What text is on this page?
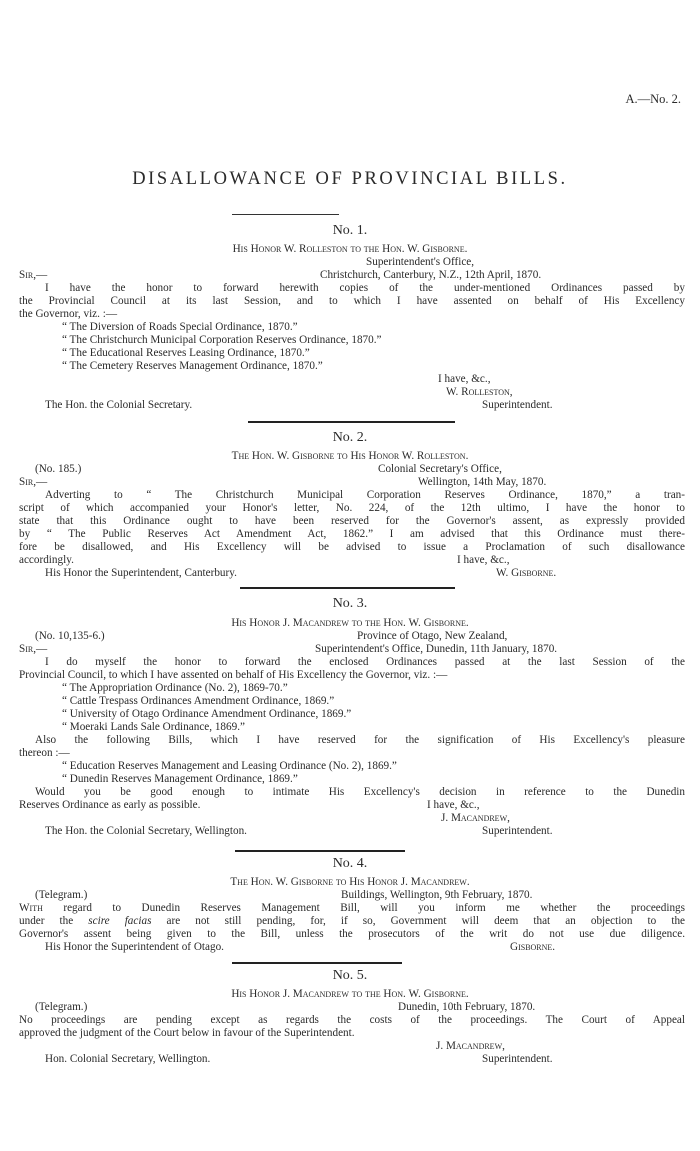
A.—No. 2.
DISALLOWANCE OF PROVINCIAL BILLS.
No. 1.
His Honor W. Rolleston to the Hon. W. Gisborne.
Superintendent's Office,
Sir,—	Christchurch, Canterbury, N.Z., 12th April, 1870.
I have the honor to forward herewith copies of the under-mentioned Ordinances passed by
the Provincial Council at its last Session, and to which I have assented on behalf of His Excellency
the Governor, viz. :—
“ The Diversion of Roads Special Ordinance, 1870.”
“ The Christchurch Municipal Corporation Reserves Ordinance, 1870.”
“ The Educational Reserves Leasing Ordinance, 1870.”
“ The Cemetery Reserves Management Ordinance, 1870.”
I have, &c.,
W. Rolleston,
The Hon. the Colonial Secretary.	Superintendent.
No. 2.
The Hon. W. Gisborne to His Honor W. Rolleston.
(No. 185.)	Colonial Secretary's Office,
Sir,—	Wellington, 14th May, 1870.
Adverting to “ The Christchurch Municipal Corporation Reserves Ordinance, 1870,” a tran-
script of which accompanied your Honor's letter, No. 224, of the 12th ultimo, I have the honor to
state that this Ordinance ought to have been reserved for the Governor's assent, as expressly provided
by “ The Public Reserves Act Amendment Act, 1862.” I am advised that this Ordinance must there-
fore be disallowed, and His Excellency will be advised to issue a Proclamation of such disallowance
accordingly.	I have, &c.,
His Honor the Superintendent, Canterbury.	W. Gisborne.
No. 3.
His Honor J. Macandrew to the Hon. W. Gisborne.
(No. 10,135-6.)	Province of Otago, New Zealand,
Sir,—	Superintendent's Office, Dunedin, 11th January, 1870.
I do myself the honor to forward the enclosed Ordinances passed at the last Session of the
Provincial Council, to which I have assented on behalf of His Excellency the Governor, viz. :—
“ The Appropriation Ordinance (No. 2), 1869-70.”
“ Cattle Trespass Ordinances Amendment Ordinance, 1869.”
“ University of Otago Ordinance Amendment Ordinance, 1869.”
“ Moeraki Lands Sale Ordinance, 1869.”
Also the following Bills, which I have reserved for the signification of His Excellency's pleasure
thereon :—
“ Education Reserves Management and Leasing Ordinance (No. 2), 1869.”
“ Dunedin Reserves Management Ordinance, 1869.”
Would you be good enough to intimate His Excellency's decision in reference to the Dunedin
Reserves Ordinance as early as possible.	I have, &c.,
J. Macandrew,
The Hon. the Colonial Secretary, Wellington.	Superintendent.
No. 4.
The Hon. W. Gisborne to His Honor J. Macandrew.
(Telegram.)	Buildings, Wellington, 9th February, 1870.
With regard to Dunedin Reserves Management Bill, will you inform me whether the proceedings
under the scire facias are not still pending, for, if so, Government will deem that an objection to the
Governor's assent being given to the Bill, unless the prosecutors of the writ do not use due diligence.
His Honor the Superintendent of Otago.	Gisborne.
No. 5.
His Honor J. Macandrew to the Hon. W. Gisborne.
(Telegram.)	Dunedin, 10th February, 1870.
No proceedings are pending except as regards the costs of the proceedings. The Court of Appeal
approved the judgment of the Court below in favour of the Superintendent.
J. Macandrew,
Hon. Colonial Secretary, Wellington.	Superintendent.
